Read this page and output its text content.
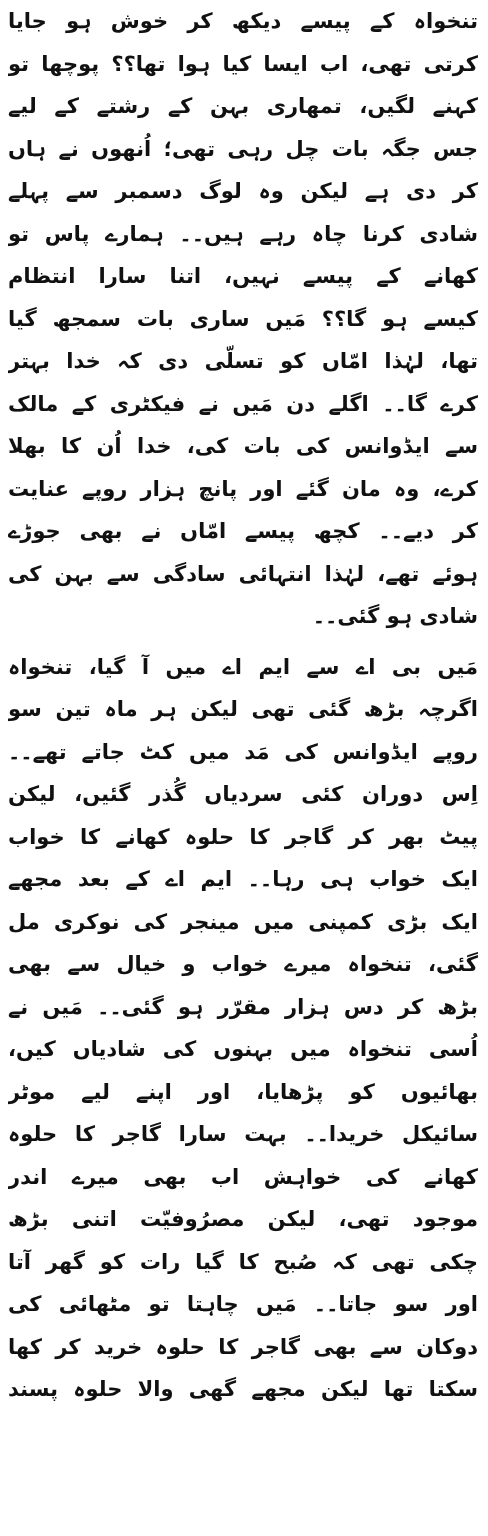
تنخواہ کے پیسے دیکھ کر خوش ہو جایا
کرتی تھی، اب ایسا کیا ہوا تھا؟؟ پوچھا تو
کہنے لگیں، تمھاری بہن کے رشتے کے لیے
جس جگہ بات چل رہی تھی؛ اُنھوں نے ہاں
کر دی ہے لیکن وہ لوگ دسمبر سے پہلے
شادی کرنا چاہ رہے ہیں۔۔ ہمارے پاس تو
کھانے کے پیسے نہیں، اتنا سارا انتظام
کیسے ہو گا؟؟ مَیں ساری بات سمجھ گیا
تھا، لہٰذا امّاں کو تسلّی دی کہ خدا بہتر
کرے گا۔۔ اگلے دن مَیں نے فیکٹری کے مالک
سے ایڈوانس کی بات کی، خدا اُن کا بھلا
کرے، وہ مان گئے اور پانچ ہزار روپے عنایت
کر دیے۔۔ کچھ پیسے امّاں نے بھی جوڑے
ہوئے تھے، لہٰذا انتہائی سادگی سے بہن کی
شادی ہو گئی۔۔
مَیں بی اے سے ایم اے میں آ گیا، تنخواہ
اگرچہ بڑھ گئی تھی لیکن ہر ماہ تین سو
روپے ایڈوانس کی مَد میں کٹ جاتے تھے۔۔
اِس دوران کئی سردیاں گُذر گئیں، لیکن
پیٹ بھر کر گاجر کا حلوہ کھانے کا خواب
ایک خواب ہی رہا۔۔ ایم اے کے بعد مجھے
ایک بڑی کمپنی میں مینجر کی نوکری مل
گئی، تنخواہ میرے خواب و خیال سے بھی
بڑھ کر دس ہزار مقرّر ہو گئی۔۔ مَیں نے
اُسی تنخواہ میں بہنوں کی شادیاں کیں،
بھائیوں کو پڑھایا، اور اپنے لیے موٹر
سائیکل خریدا۔۔ بہت سارا گاجر کا حلوہ
کھانے کی خواہش اب بھی میرے اندر
موجود تھی، لیکن مصرُوفیّت اتنی بڑھ
چکی تھی کہ صُبح کا گیا رات کو گھر آتا
اور سو جاتا۔۔ مَیں چاہتا تو مٹھائی کی
دوکان سے بھی گاجر کا حلوہ خرید کر کھا
سکتا تھا لیکن مجھے گھی والا حلوہ پسند
